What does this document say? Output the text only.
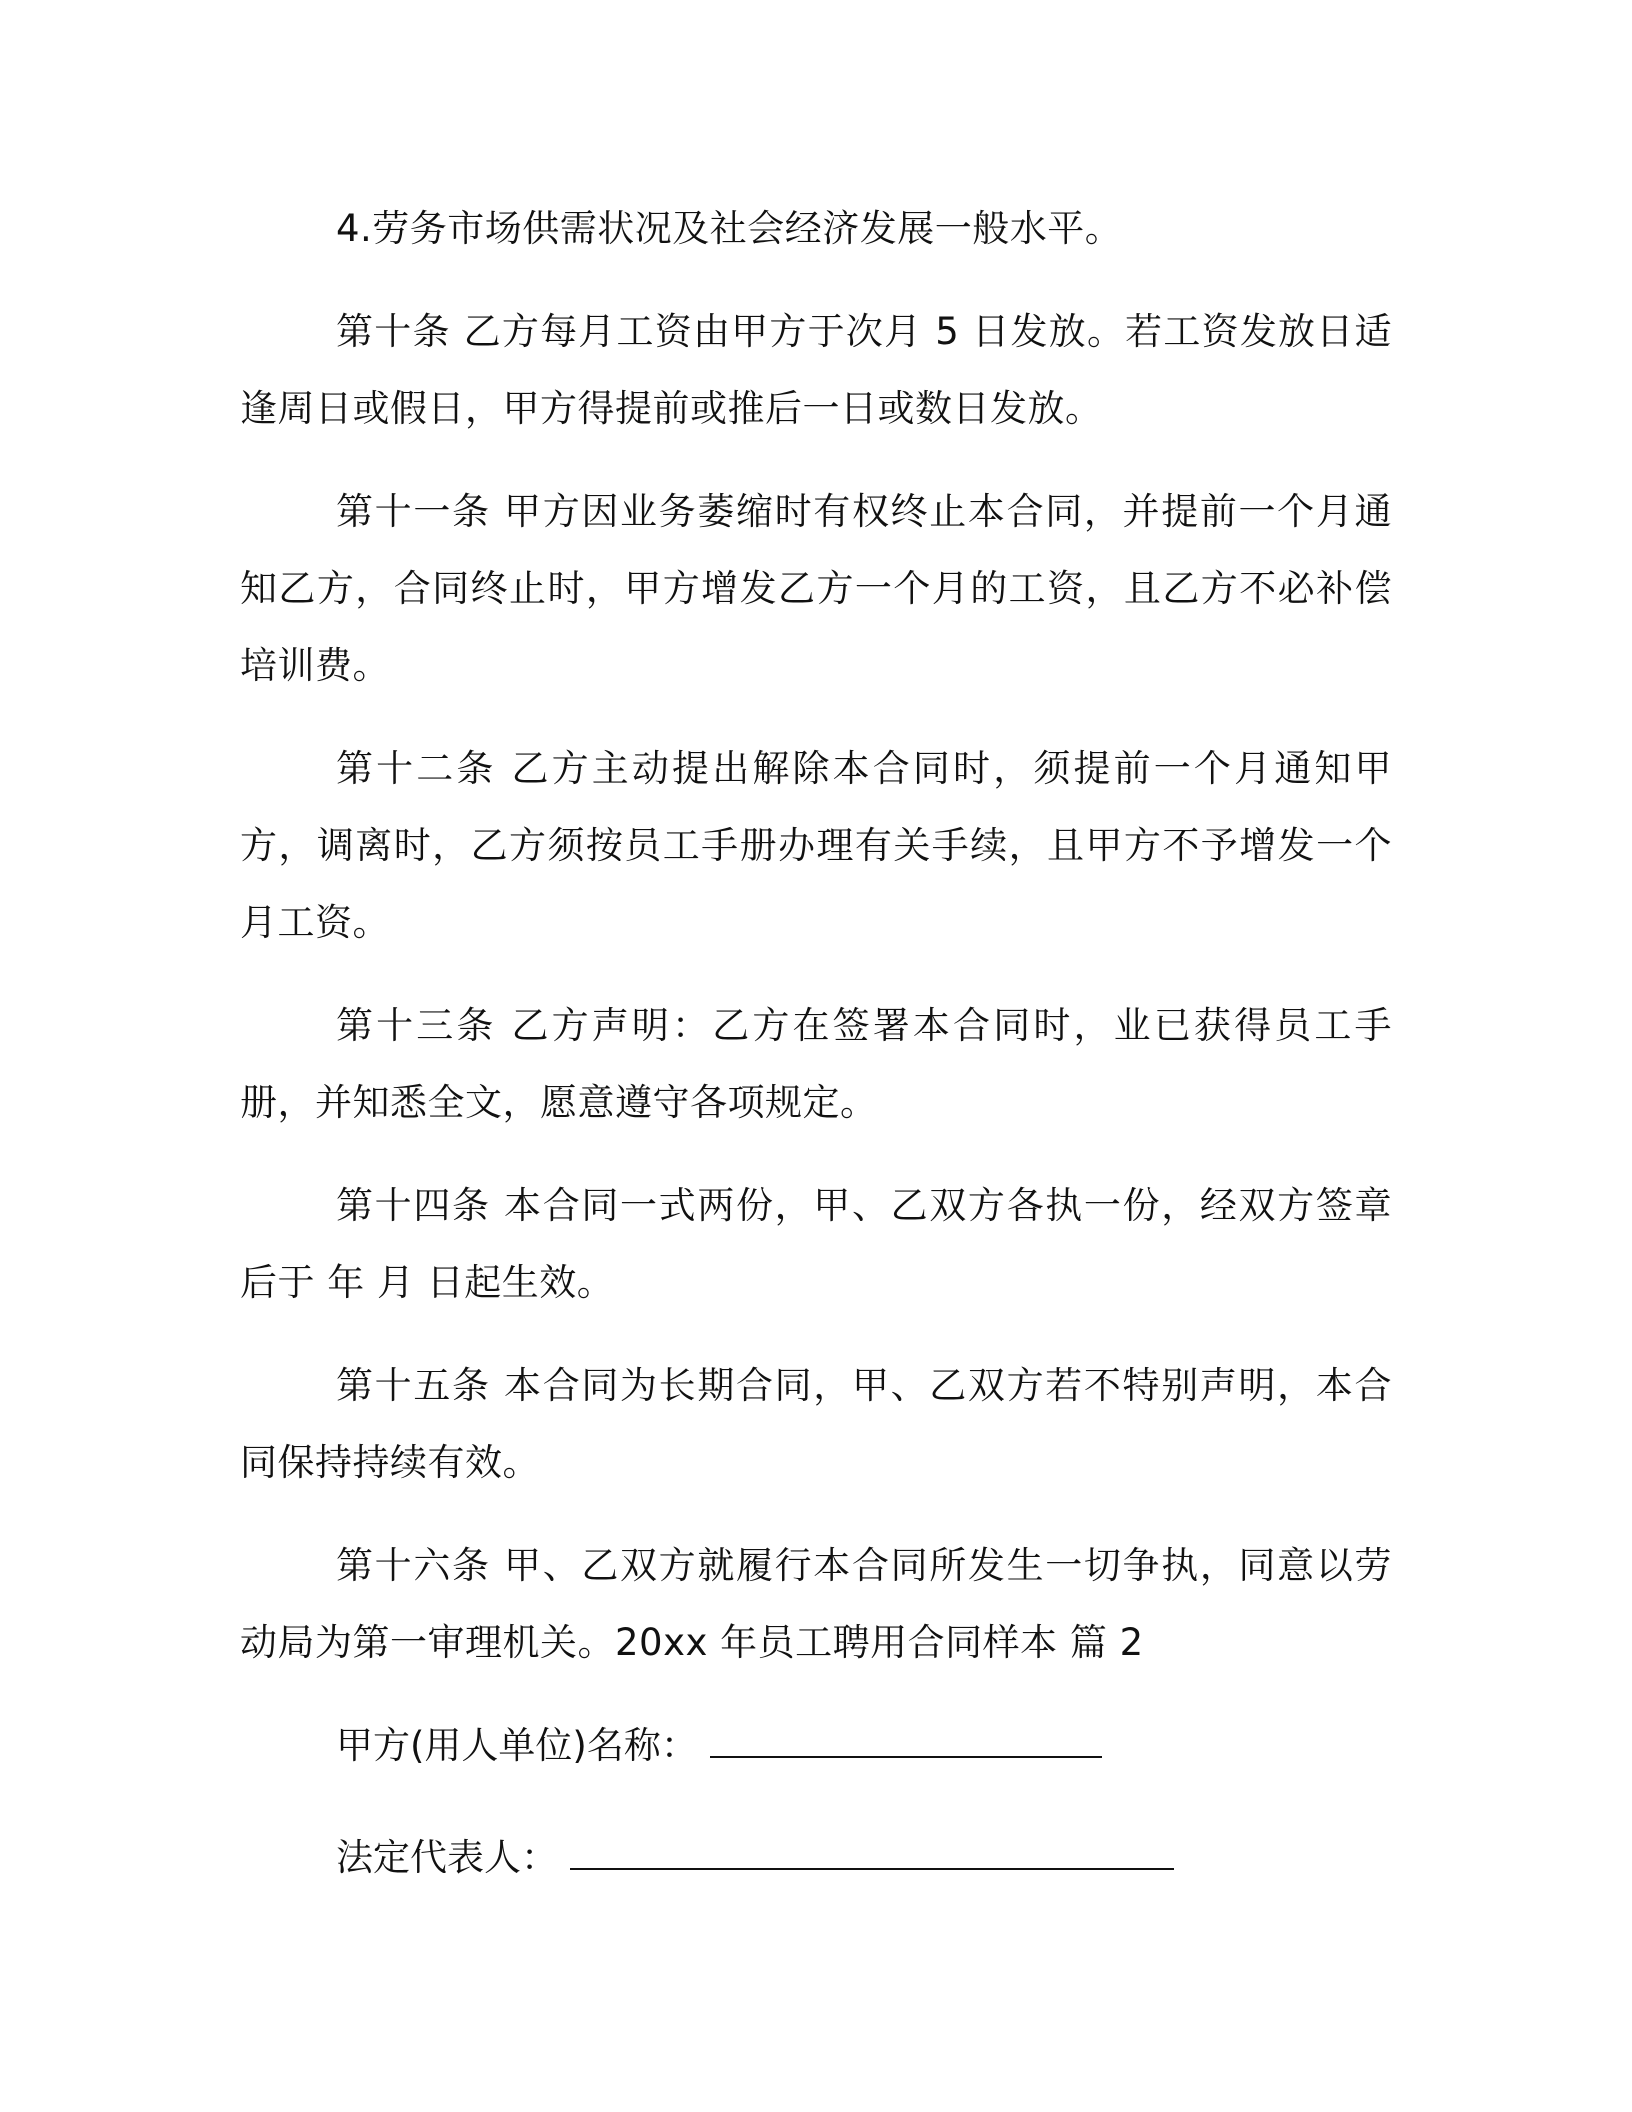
4.劳务市场供需状况及社会经济发展一般水平。

第十条 乙方每月工资由甲方于次月 5 日发放。若工资发放日适逢周日或假日，甲方得提前或推后一日或数日发放。

第十一条 甲方因业务萎缩时有权终止本合同，并提前一个月通知乙方，合同终止时，甲方增发乙方一个月的工资，且乙方不必补偿培训费。

第十二条 乙方主动提出解除本合同时，须提前一个月通知甲方，调离时，乙方须按员工手册办理有关手续，且甲方不予增发一个月工资。

第十三条 乙方声明：乙方在签署本合同时，业已获得员工手册，并知悉全文，愿意遵守各项规定。

第十四条 本合同一式两份，甲、乙双方各执一份，经双方签章后于 年 月 日起生效。

第十五条 本合同为长期合同，甲、乙双方若不特别声明，本合同保持持续有效。

第十六条 甲、乙双方就履行本合同所发生一切争执，同意以劳动局为第一审理机关。20xx 年员工聘用合同样本 篇 2

甲方(用人单位)名称：
法定代表人：
